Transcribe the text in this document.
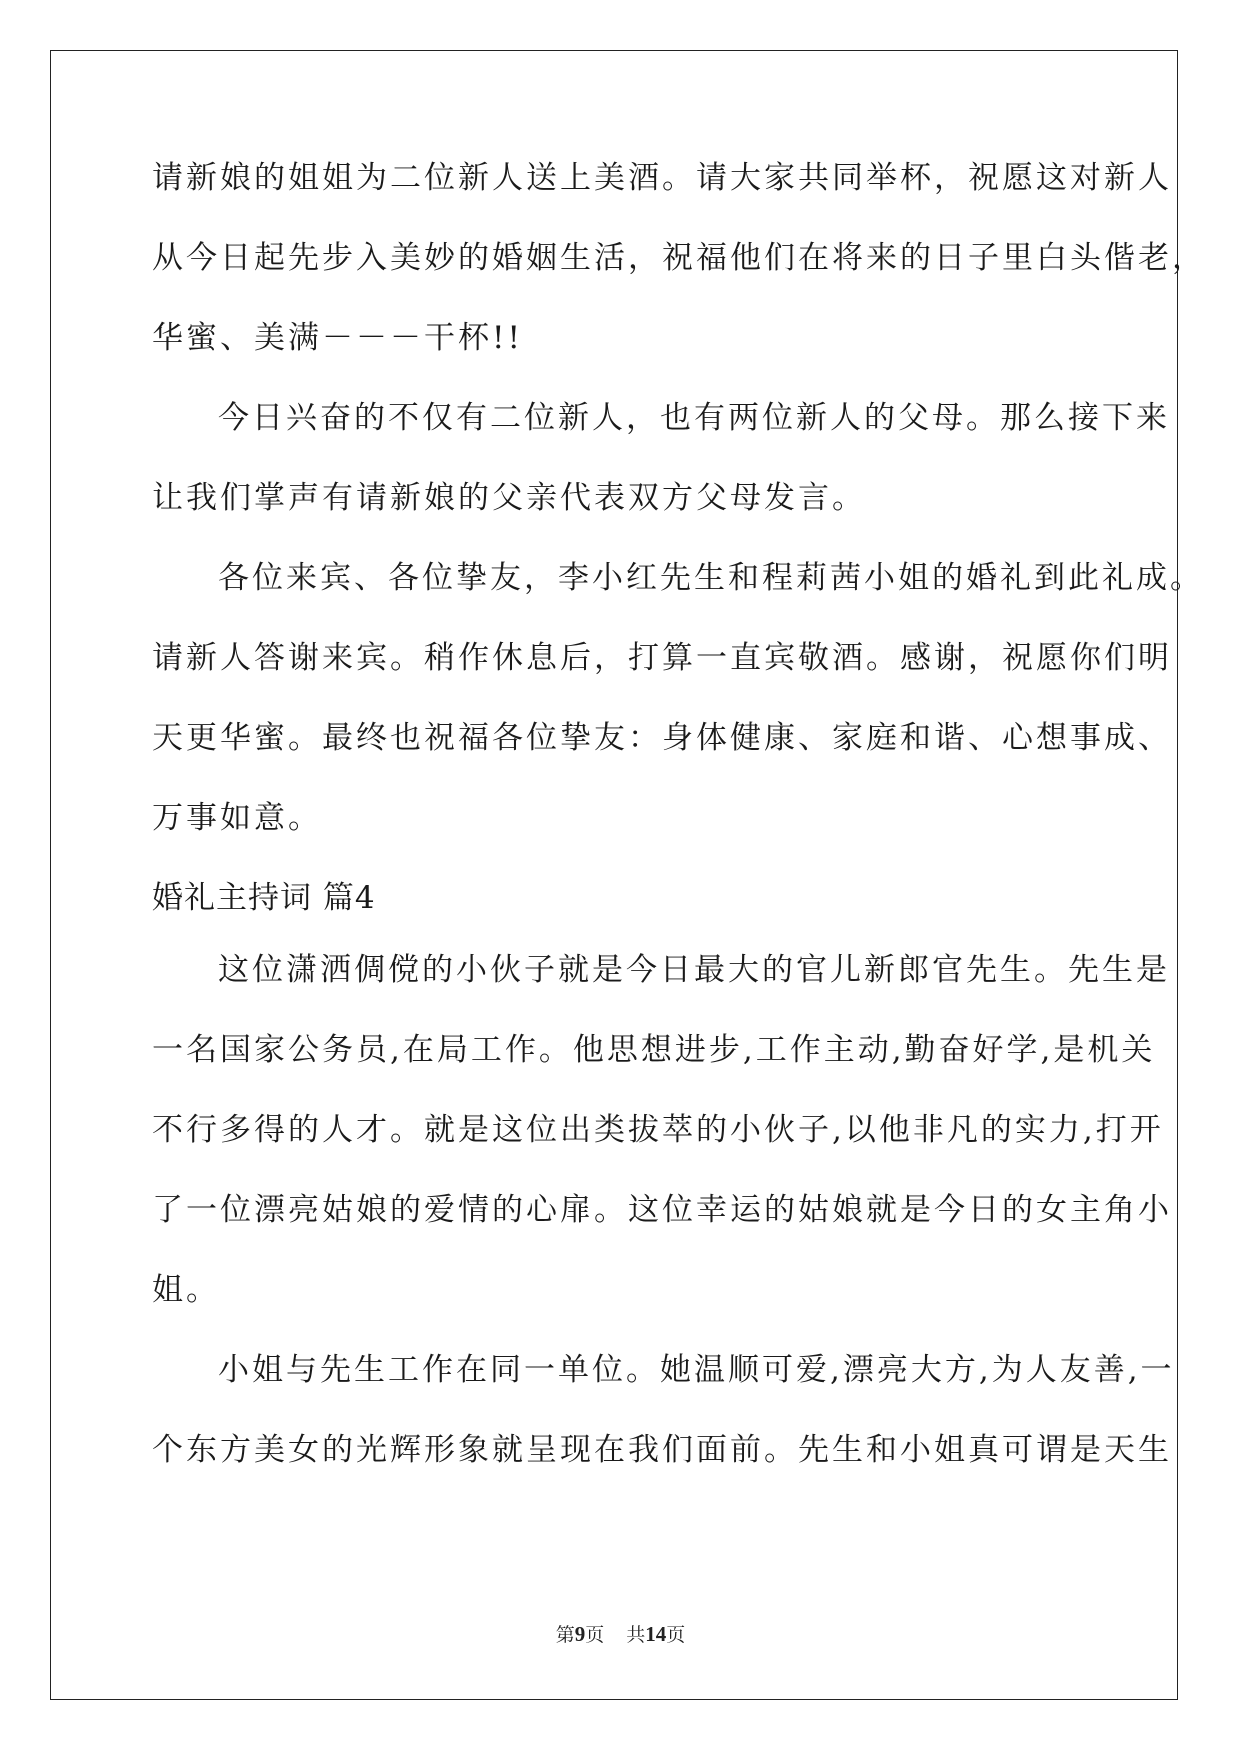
请新娘的姐姐为二位新人送上美酒。请大家共同举杯，祝愿这对新人
从今日起先步入美妙的婚姻生活，祝福他们在将来的日子里白头偕老，
华蜜、美满－－－干杯!!
今日兴奋的不仅有二位新人，也有两位新人的父母。那么接下来
让我们掌声有请新娘的父亲代表双方父母发言。
各位来宾、各位挚友，李小红先生和程莉茜小姐的婚礼到此礼成。
请新人答谢来宾。稍作休息后，打算一直宾敬酒。感谢，祝愿你们明
天更华蜜。最终也祝福各位挚友：身体健康、家庭和谐、心想事成、
万事如意。
婚礼主持词 篇4
这位潇洒倜傥的小伙子就是今日最大的官儿新郎官先生。先生是
一名国家公务员,在局工作。他思想进步,工作主动,勤奋好学,是机关
不行多得的人才。就是这位出类拔萃的小伙子,以他非凡的实力,打开
了一位漂亮姑娘的爱情的心扉。这位幸运的姑娘就是今日的女主角小
姐。
小姐与先生工作在同一单位。她温顺可爱,漂亮大方,为人友善,一
个东方美女的光辉形象就呈现在我们面前。先生和小姐真可谓是天生
第9页 共14页
